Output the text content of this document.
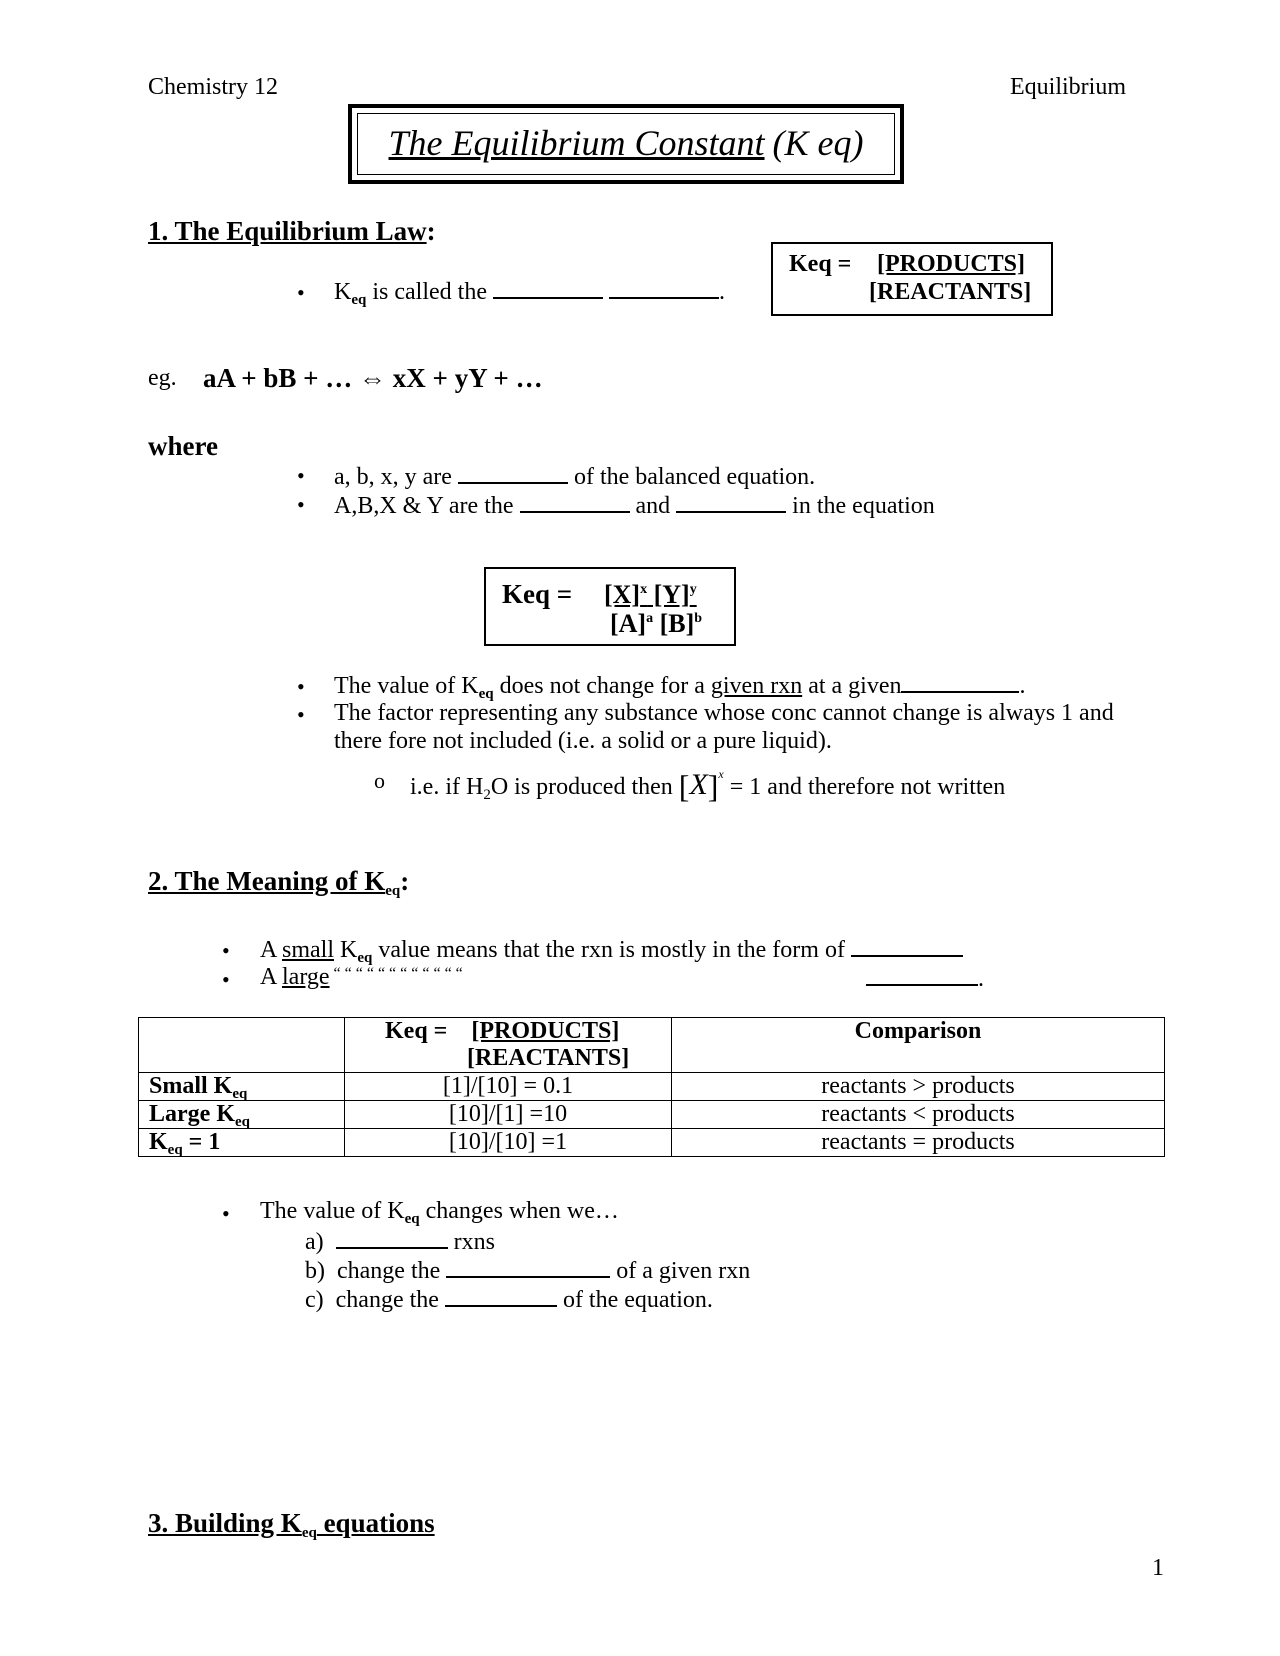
Chemistry 12	Equilibrium
The Equilibrium Constant (K eq)
1. The Equilibrium Law:
• $K_{eq}$ is called the	.
Keq = [PRODUCTS]
[REACTANTS]
eg. aA + bB + … ⇔ xX + yY + …
where
• a, b, x, y are	of the balanced equation.
• A,B,X & Y are the	and	in the equation
Keq = $[X]^x$ $[Y]^y$
$[A]^a$ $[B]^b$
• The value of $K_{eq}$ does not change for a given rxn at a given	.
• The factor representing any substance whose conc cannot change is always 1 and
there fore not included (i.e. a solid or a pure liquid).
o i.e. if $H_2O$ is produced then $[X]^x = 1$ and therefore not written
2. The Meaning of $K_{eq}$:
• A small $K_{eq}$ value means that the rxn is mostly in the form of
• A large “ “ “ “ “ “ “ “ “ “ “ “	.
	Keq = [PRODUCTS]
[REACTANTS]	Comparison
Small $K_{eq}$	[1]/[10] = 0.1	reactants > products
Large $K_{eq}$	[10]/[1] =10	reactants < products
$K_{eq} = 1$	[10]/[10] =1	reactants = products
• The value of $K_{eq}$ changes when we…
a)	rxns
b) change the	of a given rxn
c) change the	of the equation.
3. Building $K_{eq}$ equations
1
